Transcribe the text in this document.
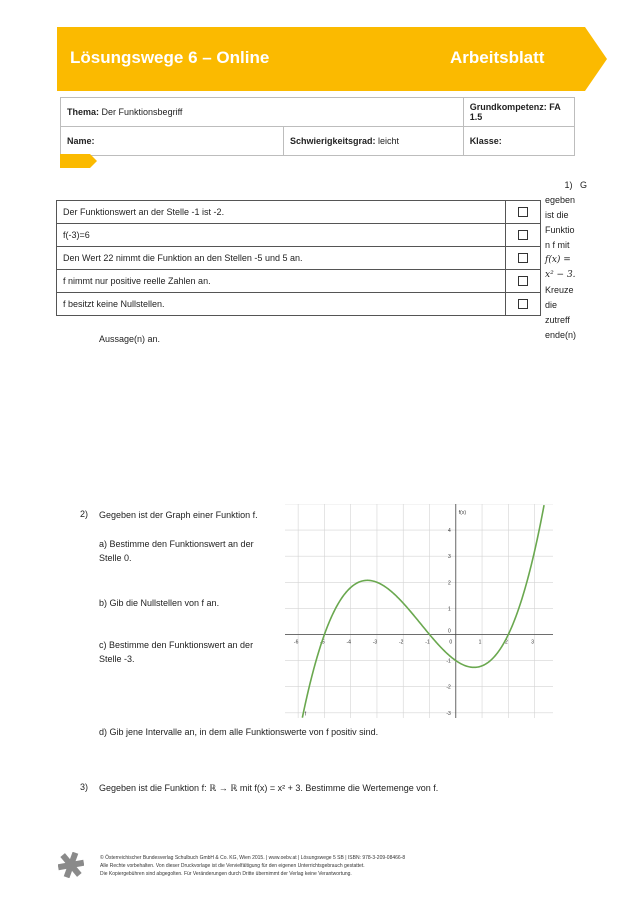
Lösungswege 6 – Online	Arbeitsblatt
Thema: Der Funktionsbegriff		Grundkompetenz: FA 1.5
Name:	Schwierigkeitsgrad: leicht	Klasse:
Der Funktionswert an der Stelle -1 ist -2.	
f(-3)=6	
Den Wert 22 nimmt die Funktion an den Stellen -5 und 5 an.	
f nimmt nur positive reelle Zahlen an.	
f besitzt keine Nullstellen.	
1) G
egeben
ist die
Funktio
n f mit
f(x) =
x² − 3.
Kreuze
die
zutreff
ende(n)
Aussage(n) an.
2) Gegeben ist der Graph einer Funktion f.
a) Bestimme den Funktionswert an der
Stelle 0.
b) Gib die Nullstellen von f an.
c) Bestimme den Funktionswert an der
Stelle -3.
d) Gib jene Intervalle an, in dem alle Funktionswerte von f positiv sind.
-6	-5	-4	-3	-2	-1	0	1	2	3
4
3
2
1
-1
-2
-3
0
f(x)
f
3) Gegeben ist die Funktion f: ℝ → ℝ mit f(x) = x² + 3. Bestimme die Wertemenge von f.
© Österreichischer Bundesverlag Schulbuch GmbH & Co. KG, Wien 2015. | www.oebv.at | Lösungswege 5 SB | ISBN: 978-3-209-08466-8
Alle Rechte vorbehalten. Von dieser Druckvorlage ist die Vervielfältigung für den eigenen Unterrichtsgebrauch gestattet.
Die Kopiergebühren sind abgegolten. Für Veränderungen durch Dritte übernimmt der Verlag keine Verantwortung.
